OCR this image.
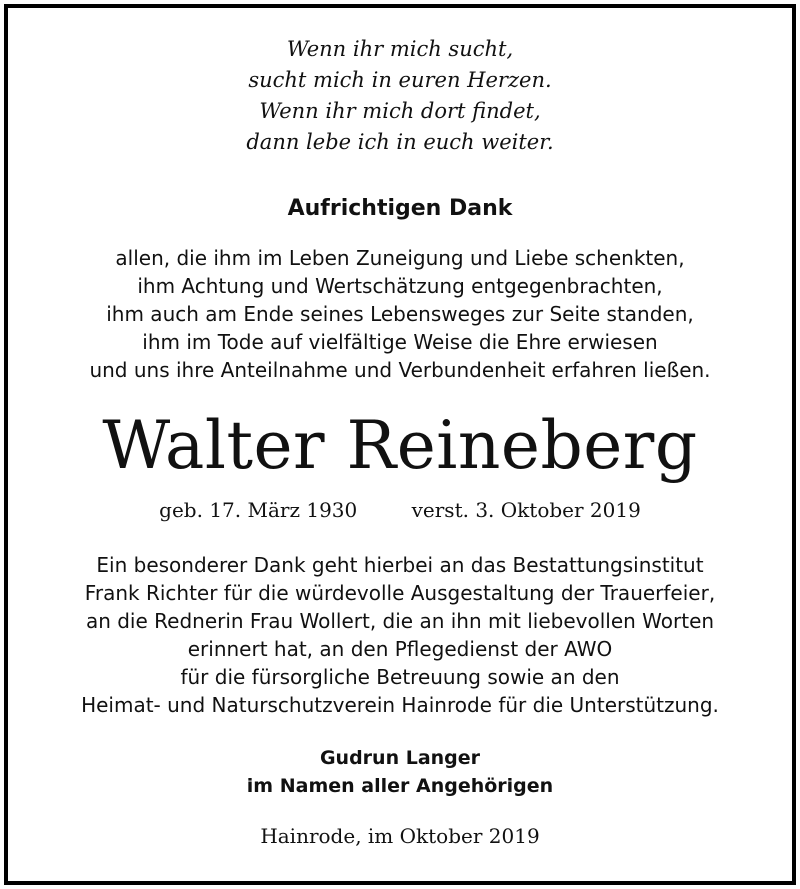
Wenn ihr mich sucht,
sucht mich in euren Herzen.
Wenn ihr mich dort findet,
dann lebe ich in euch weiter.
Aufrichtigen Dank
allen, die ihm im Leben Zuneigung und Liebe schenkten,
ihm Achtung und Wertschätzung entgegenbrachten,
ihm auch am Ende seines Lebensweges zur Seite standen,
ihm im Tode auf vielfältige Weise die Ehre erwiesen
und uns ihre Anteilnahme und Verbundenheit erfahren ließen.
Walter Reineberg
geb. 17. März 1930	verst. 3. Oktober 2019
Ein besonderer Dank geht hierbei an das Bestattungsinstitut
Frank Richter für die würdevolle Ausgestaltung der Trauerfeier,
an die Rednerin Frau Wollert, die an ihn mit liebevollen Worten
erinnert hat, an den Pflegedienst der AWO
für die fürsorgliche Betreuung sowie an den
Heimat- und Naturschutzverein Hainrode für die Unterstützung.
Gudrun Langer
im Namen aller Angehörigen
Hainrode, im Oktober 2019
